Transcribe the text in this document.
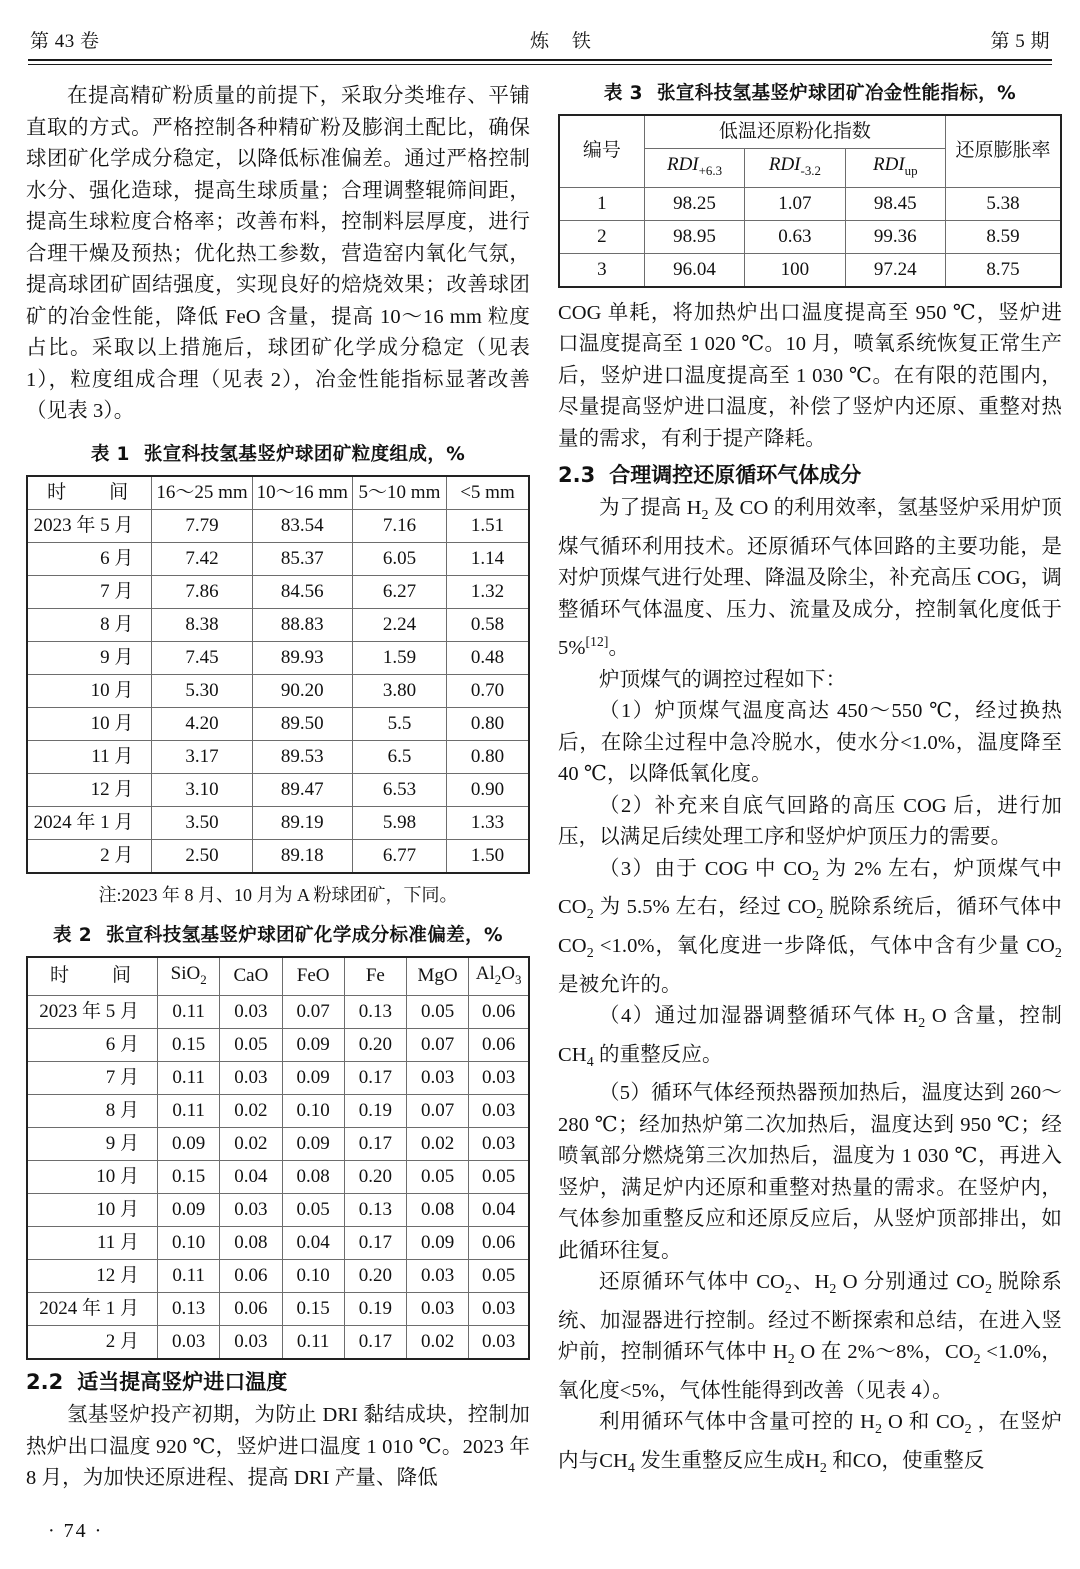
第 43 卷	炼 铁	第 5 期

在提高精矿粉质量的前提下，采取分类堆存、平铺直取的方式。严格控制各种精矿粉及膨润土配比，确保球团矿化学成分稳定，以降低标准偏差。通过严格控制水分、强化造球，提高生球质量；合理调整辊筛间距，提高生球粒度合格率；改善布料，控制料层厚度，进行合理干燥及预热；优化热工参数，营造窑内氧化气氛，提高球团矿固结强度，实现良好的焙烧效果；改善球团矿的冶金性能，降低 FeO 含量，提高 10～16 mm 粒度占比。采取以上措施后，球团矿化学成分稳定（见表 1），粒度组成合理（见表 2），冶金性能指标显著改善（见表 3）。

表 1 张宣科技氢基竖炉球团矿粒度组成，%
时　间	16～25 mm	10～16 mm	5～10 mm	<5 mm
2023 年 5 月	7.79	83.54	7.16	1.51
6 月	7.42	85.37	6.05	1.14
7 月	7.86	84.56	6.27	1.32
8 月	8.38	88.83	2.24	0.58
9 月	7.45	89.93	1.59	0.48
10 月	5.30	90.20	3.80	0.70
10 月	4.20	89.50	5.5	0.80
11 月	3.17	89.53	6.5	0.80
12 月	3.10	89.47	6.53	0.90
2024 年 1 月	3.50	89.19	5.98	1.33
2 月	2.50	89.18	6.77	1.50
注:2023 年 8 月、10 月为 A 粉球团矿，下同。
表 2 张宣科技氢基竖炉球团矿化学成分标准偏差，%
时　间	SiO$_2$	CaO	FeO	Fe	MgO	$Al_2O_3$
2023 年 5 月	0.11	0.03	0.07	0.13	0.05	0.06
6 月	0.15	0.05	0.09	0.20	0.07	0.06
7 月	0.11	0.03	0.09	0.17	0.03	0.03
8 月	0.11	0.02	0.10	0.19	0.07	0.03
9 月	0.09	0.02	0.09	0.17	0.02	0.03
10 月	0.15	0.04	0.08	0.20	0.05	0.05
10 月	0.09	0.03	0.05	0.13	0.08	0.04
11 月	0.10	0.08	0.04	0.17	0.09	0.06
12 月	0.11	0.06	0.10	0.20	0.03	0.05
2024 年 1 月	0.13	0.06	0.15	0.19	0.03	0.03
2 月	0.03	0.03	0.11	0.17	0.02	0.03
2.2 适当提高竖炉进口温度

氢基竖炉投产初期，为防止 DRI 黏结成块，控制加热炉出口温度 920 ℃，竖炉进口温度 1 010 ℃。2023 年 8 月，为加快还原进程、提高 DRI 产量、降低

表 3 张宣科技氢基竖炉球团矿冶金性能指标，%
编号	低温还原粉化指数			还原膨胀率
	$RDI_{+6.3}$	$RDI_{-3.2}$	$RDI_{up}$
1	98.25	1.07	98.45	5.38
2	98.95	0.63	99.36	8.59
3	96.04	100	97.24	8.75

COG 单耗，将加热炉出口温度提高至 950 ℃，竖炉进口温度提高至 1 020 ℃。10 月，喷氧系统恢复正常生产后，竖炉进口温度提高至 1 030 ℃。在有限的范围内，尽量提高竖炉进口温度，补偿了竖炉内还原、重整对热量的需求，有利于提产降耗。

2.3 合理调控还原循环气体成分

为了提高 $H_2$ 及 CO 的利用效率，氢基竖炉采用炉顶煤气循环利用技术。还原循环气体回路的主要功能，是对炉顶煤气进行处理、降温及除尘，补充高压 COG，调整循环气体温度、压力、流量及成分，控制氧化度低于 5%[12]。

炉顶煤气的调控过程如下：

（1）炉顶煤气温度高达 450～550 ℃，经过换热后，在除尘过程中急冷脱水，使水分<1.0%，温度降至 40 ℃，以降低氧化度。

（2）补充来自底气回路的高压 COG 后，进行加压，以满足后续处理工序和竖炉炉顶压力的需要。

（3）由于 COG 中 $CO_2$ 为 2% 左右，炉顶煤气中 $CO_2$ 为 5.5% 左右，经过 $CO_2$ 脱除系统后，循环气体中 $CO_2 <1.0\%$，氧化度进一步降低，气体中含有少量 $CO_2$ 是被允许的。

（4）通过加湿器调整循环气体 $H_2$ O 含量，控制 $CH_4$ 的重整反应。

（5）循环气体经预热器预加热后，温度达到 260～280 ℃；经加热炉第二次加热后，温度达到 950 ℃；经喷氧部分燃烧第三次加热后，温度为 1 030 ℃，再进入竖炉，满足炉内还原和重整对热量的需求。在竖炉内，气体参加重整反应和还原反应后，从竖炉顶部排出，如此循环往复。

还原循环气体中 $CO_2$、$H_2$ O 分别通过 $CO_2$ 脱除系统、加湿器进行控制。经过不断探索和总结，在进入竖炉前，控制循环气体中 $H_2$ O 在 2%～8%，$CO_2 <1.0\%$，氧化度<5%，气体性能得到改善（见表 4）。

利用循环气体中含量可控的 $H_2$ O 和 $CO_2$ ，在竖炉内与$CH_4$ 发生重整反应生成$H_2$ 和CO，使重整反

· 74 ·
